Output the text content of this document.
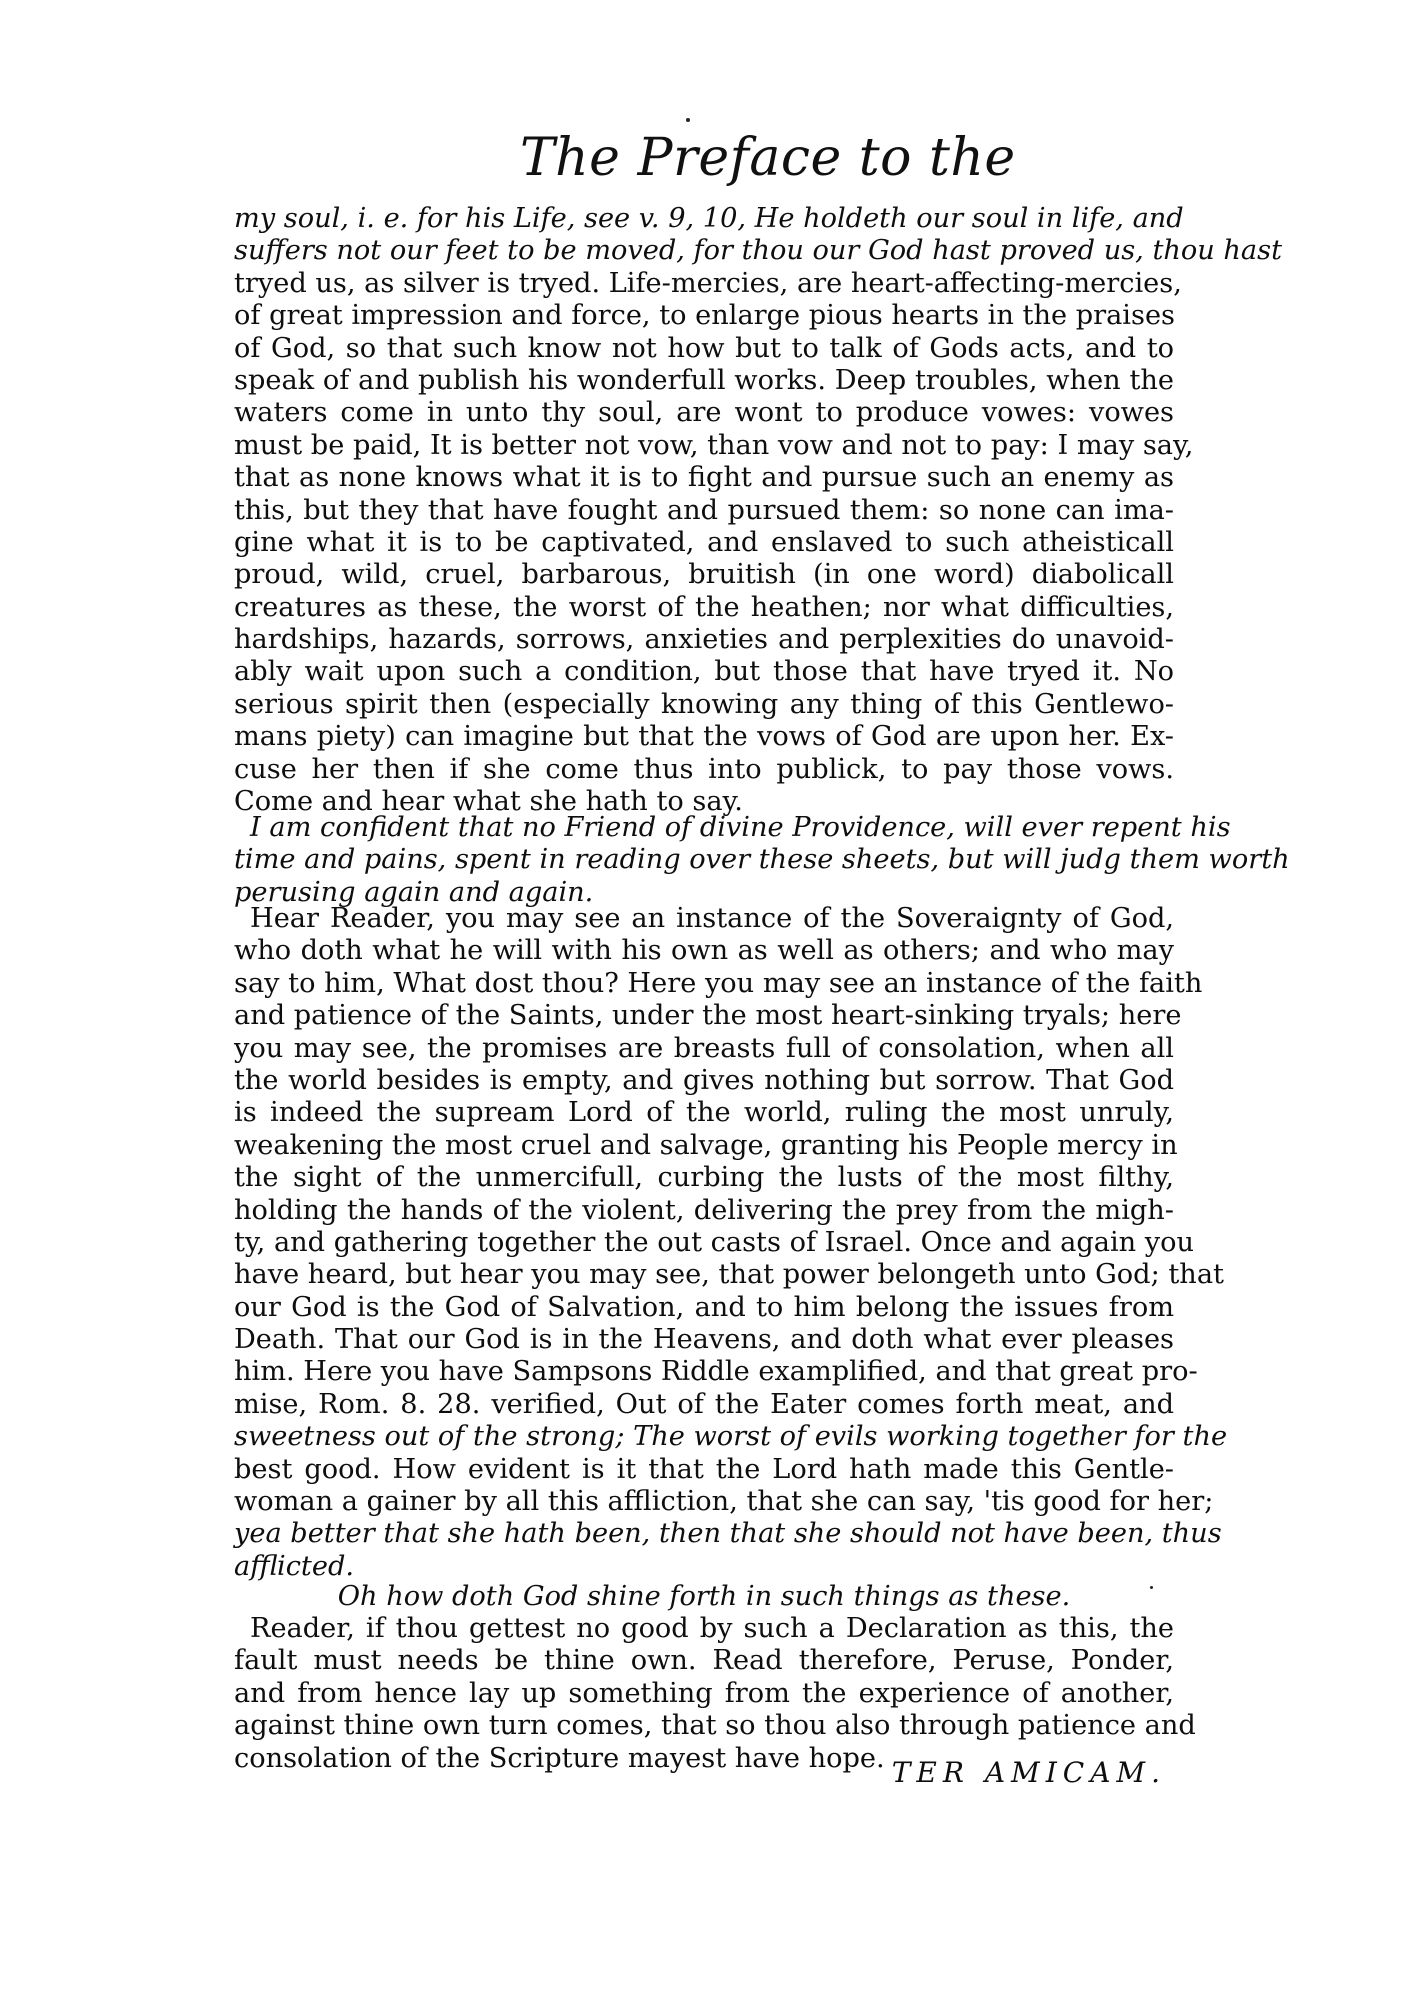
The Preface to the
my soul, i. e. for his Life, see v. 9, 10, He holdeth our soul in life, and
suffers not our feet to be moved, for thou our God hast proved us, thou hast
tryed us, as silver is tryed. Life-mercies, are heart-affecting-mercies,
of great impression and force, to enlarge pious hearts in the praises
of God, so that such know not how but to talk of Gods acts, and to
speak of and publish his wonderfull works. Deep troubles, when the
waters come in unto thy soul, are wont to produce vowes: vowes
must be paid, It is better not vow, than vow and not to pay: I may say,
that as none knows what it is to fight and pursue such an enemy as
this, but they that have fought and pursued them: so none can ima-
gine what it is to be captivated, and enslaved to such atheisticall
proud, wild, cruel, barbarous, bruitish (in one word) diabolicall
creatures as these, the worst of the heathen; nor what difficulties,
hardships, hazards, sorrows, anxieties and perplexities do unavoid-
ably wait upon such a condition, but those that have tryed it. No
serious spirit then (especially knowing any thing of this Gentlewo-
mans piety) can imagine but that the vows of God are upon her. Ex-
cuse her then if she come thus into publick, to pay those vows.
Come and hear what she hath to say.
I am confident that no Friend of divine Providence, will ever repent his
time and pains, spent in reading over these sheets, but will judg them worth
perusing again and again.
Hear Reader, you may see an instance of the Soveraignty of God,
who doth what he will with his own as well as others; and who may
say to him, What dost thou? Here you may see an instance of the faith
and patience of the Saints, under the most heart-sinking tryals; here
you may see, the promises are breasts full of consolation, when all
the world besides is empty, and gives nothing but sorrow. That God
is indeed the supream Lord of the world, ruling the most unruly,
weakening the most cruel and salvage, granting his People mercy in
the sight of the unmercifull, curbing the lusts of the most filthy,
holding the hands of the violent, delivering the prey from the migh-
ty, and gathering together the out casts of Israel. Once and again you
have heard, but hear you may see, that power belongeth unto God; that
our God is the God of Salvation, and to him belong the issues from
Death. That our God is in the Heavens, and doth what ever pleases
him. Here you have Sampsons Riddle examplified, and that great pro-
mise, Rom. 8. 28. verified, Out of the Eater comes forth meat, and
sweetness out of the strong; The worst of evils working together for the
best good. How evident is it that the Lord hath made this Gentle-
woman a gainer by all this affliction, that she can say, 'tis good for her;
yea better that she hath been, then that she should not have been, thus
afflicted.
Oh how doth God shine forth in such things as these.
Reader, if thou gettest no good by such a Declaration as this, the
fault must needs be thine own. Read therefore, Peruse, Ponder,
and from hence lay up something from the experience of another,
against thine own turn comes, that so thou also through patience and
consolation of the Scripture mayest have hope. TER AMICAM.
